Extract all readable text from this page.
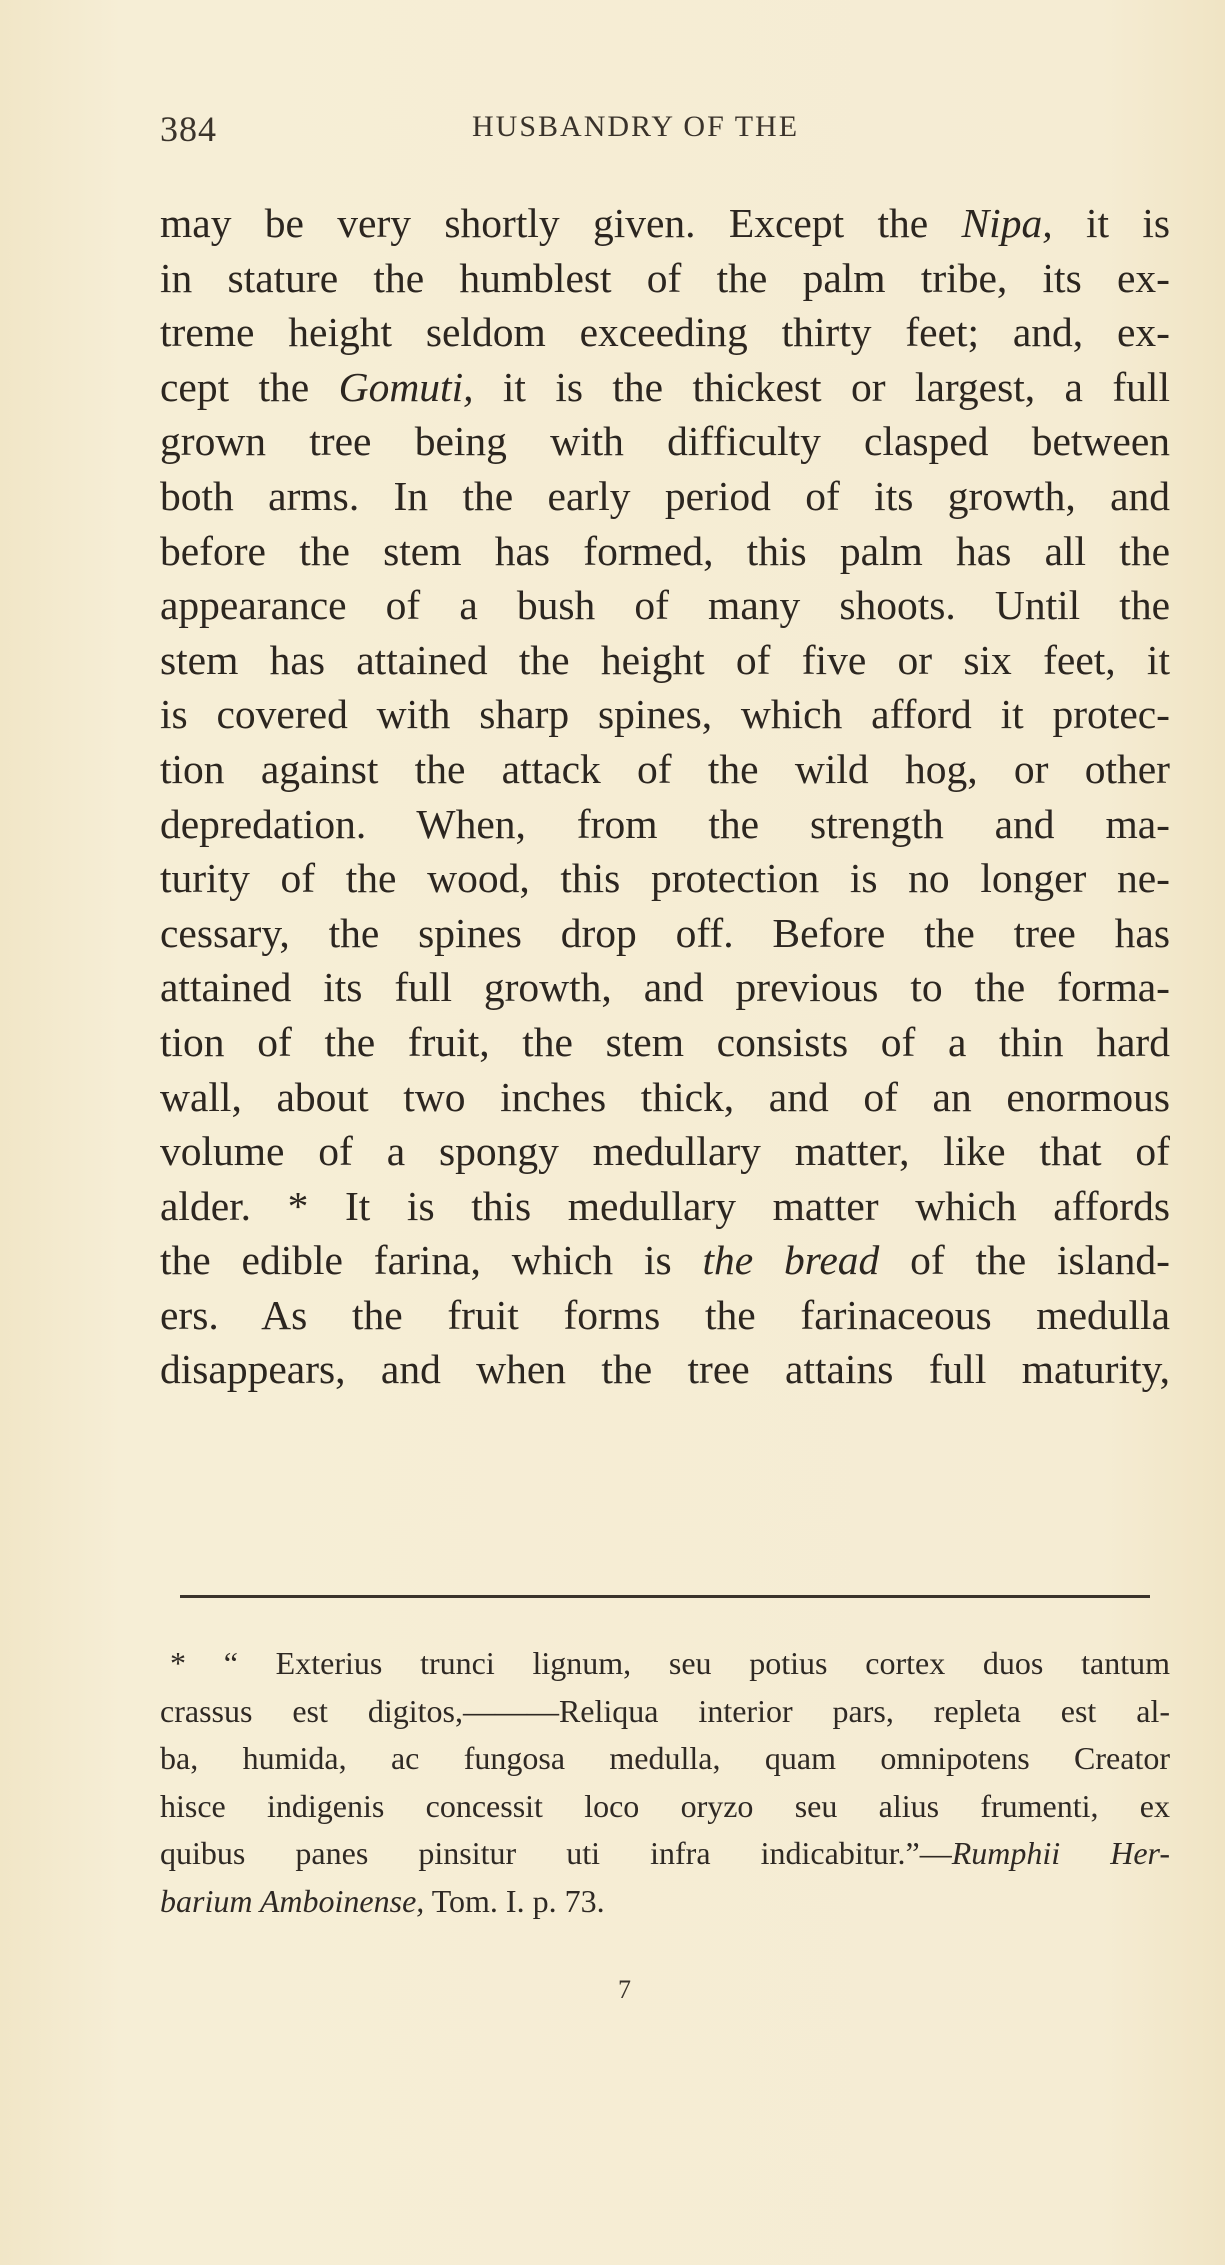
384	HUSBANDRY OF THE
may be very shortly given. Except the Nipa, it is
in stature the humblest of the palm tribe, its ex-
treme height seldom exceeding thirty feet; and, ex-
cept the Gomuti, it is the thickest or largest, a full
grown tree being with difficulty clasped between
both arms. In the early period of its growth, and
before the stem has formed, this palm has all the
appearance of a bush of many shoots. Until the
stem has attained the height of five or six feet, it
is covered with sharp spines, which afford it protec-
tion against the attack of the wild hog, or other
depredation. When, from the strength and ma-
turity of the wood, this protection is no longer ne-
cessary, the spines drop off. Before the tree has
attained its full growth, and previous to the forma-
tion of the fruit, the stem consists of a thin hard
wall, about two inches thick, and of an enormous
volume of a spongy medullary matter, like that of
alder. * It is this medullary matter which affords
the edible farina, which is the bread of the island-
ers. As the fruit forms the farinaceous medulla
disappears, and when the tree attains full maturity,
* “ Exterius trunci lignum, seu potius cortex duos tantum
crassus est digitos,———Reliqua interior pars, repleta est al-
ba, humida, ac fungosa medulla, quam omnipotens Creator
hisce indigenis concessit loco oryzo seu alius frumenti, ex
quibus panes pinsitur uti infra indicabitur.”—Rumphii Her-
barium Amboinense, Tom. I. p. 73.
7
